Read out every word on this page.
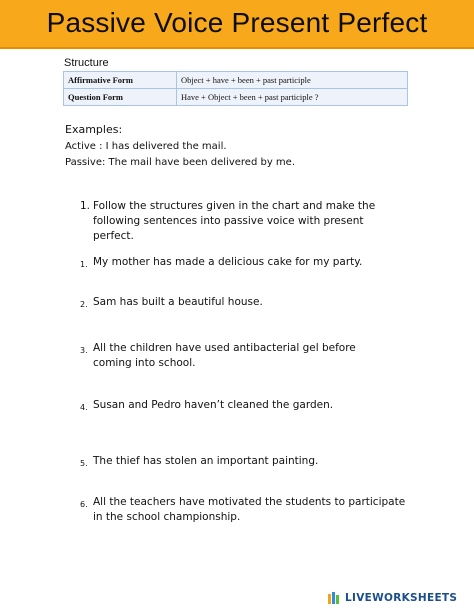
Passive Voice Present Perfect
Structure
Affirmative Form	Object + have + been + past participle
Question Form	Have + Object + been + past participle ?
Examples:
Active : I has delivered the mail.
Passive: The mail have been delivered by me.
1. Follow the structures given in the chart and make the following sentences into passive voice with present perfect.
1. My mother has made a delicious cake for my party.
2. Sam has built a beautiful house.
3. All the children have used antibacterial gel before coming into school.
4. Susan and Pedro haven’t cleaned the garden.
5. The thief has stolen an important painting.
6. All the teachers have motivated the students to participate in the school championship.
LIVEWORKSHEETS
